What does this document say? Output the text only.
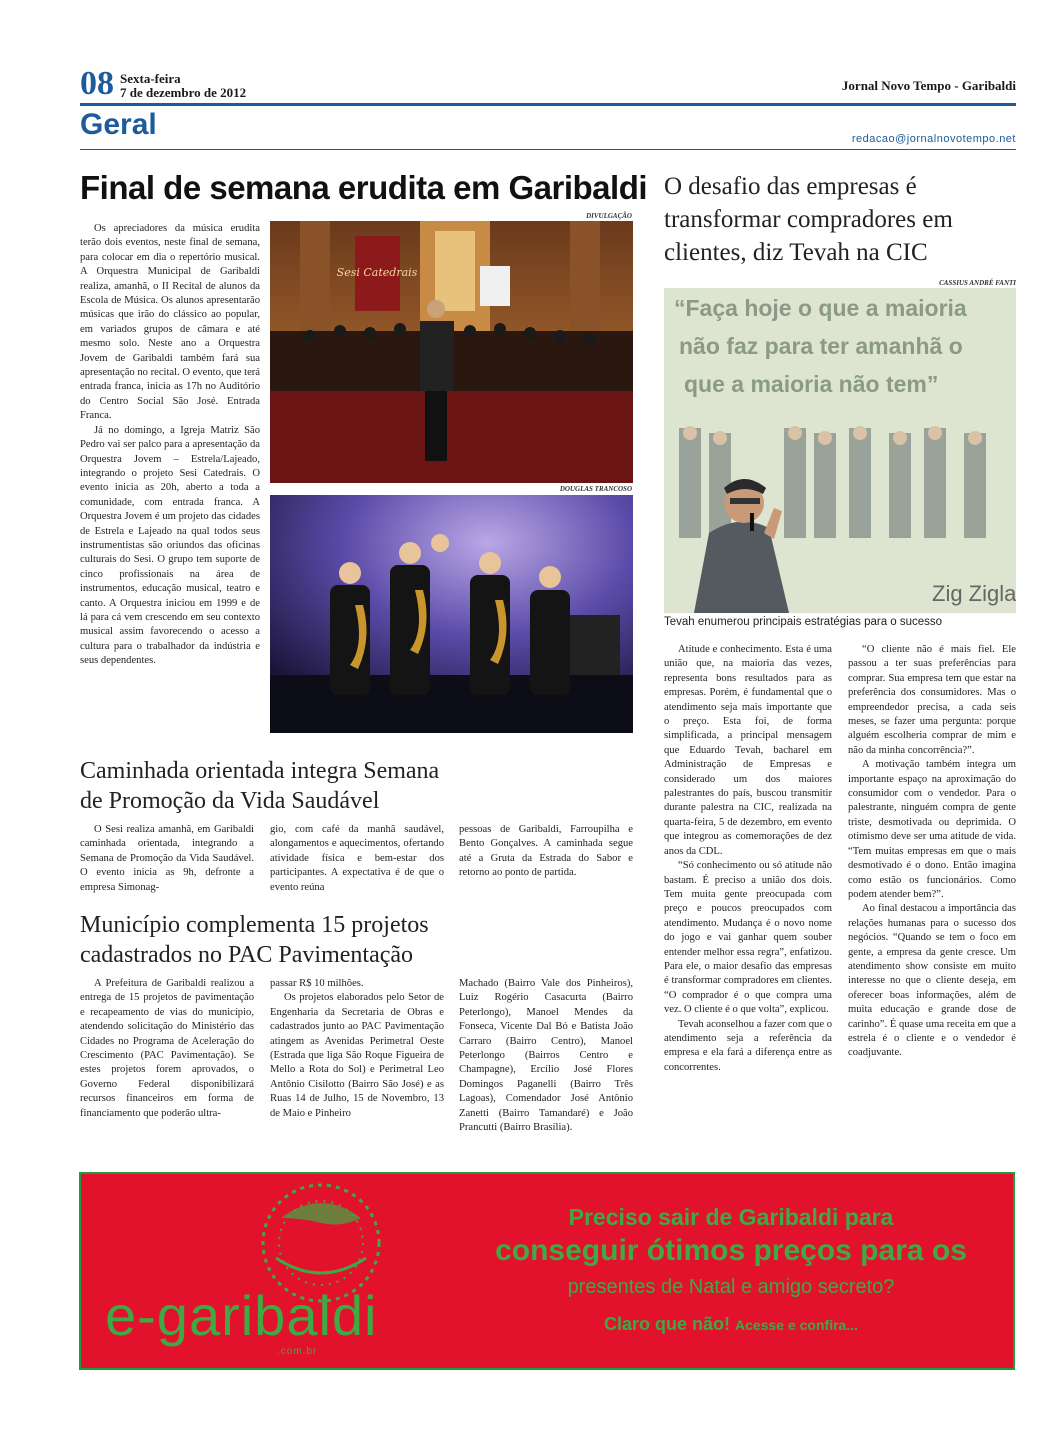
08 Sexta-feira
7 de dezembro de 2012	Jornal Novo Tempo - Garibaldi
Geral	redacao@jornalnovotempo.net
Final de semana erudita em Garibaldi

Os apreciadores da música erudita terão dois eventos, neste final de semana, para colocar em dia o repertório musical. A Orquestra Municipal de Garibaldi realiza, amanhã, o II Recital de alunos da Escola de Música. Os alunos apresentarão músicas que irão do clássico ao popular, em variados grupos de câmara e até mesmo solo. Neste ano a Orquestra Jovem de Garibaldi também fará sua apresentação no recital. O evento, que terá entrada franca, inicia as 17h no Auditório do Centro Social São José. Entrada Franca.

Já no domingo, a Igreja Matriz São Pedro vai ser palco para a apresentação da Orquestra Jovem – Estrela/Lajeado, integrando o projeto Sesi Catedrais. O evento inicia as 20h, aberto a toda a comunidade, com entrada franca. A Orquestra Jovem é um projeto das cidades de Estrela e Lajeado na qual todos seus instrumentistas são oriundos das oficinas culturais do Sesi. O grupo tem suporte de cinco profissionais na área de instrumentos, educação musical, teatro e canto. A Orquestra iniciou em 1999 e de lá para cá vem crescendo em seu contexto musical assim favorecendo o acesso a cultura para o trabalhador da indústria e seus dependentes.

DIVULGAÇÃO
Sesi Catedrais
DOUGLAS TRANCOSO
Caminhada orientada integra Semana
de Promoção da Vida Saudável

O Sesi realiza amanhã, em Garibaldi caminhada orientada, integrando a Semana de Promoção da Vida Saudável. O evento inicia as 9h, defronte a empresa Simonag-

gio, com café da manhã saudável, alongamentos e aquecimentos, ofertando atividade física e bem-estar dos participantes. A expectativa é de que o evento reúna

pessoas de Garibaldi, Farroupilha e Bento Gonçalves. A caminhada segue até a Gruta da Estrada do Sabor e retorno ao ponto de partida.

Município complementa 15 projetos
cadastrados no PAC Pavimentação

A Prefeitura de Garibaldi realizou a entrega de 15 projetos de pavimentação e recapeamento de vias do município, atendendo solicitação do Ministério das Cidades no Programa de Aceleração do Crescimento (PAC Pavimentação). Se estes projetos forem aprovados, o Governo Federal disponibilizará recursos financeiros em forma de financiamento que poderão ultra-

passar R$ 10 milhões.

Os projetos elaborados pelo Setor de Engenharia da Secretaria de Obras e cadastrados junto ao PAC Pavimentação atingem as Avenidas Perimetral Oeste (Estrada que liga São Roque Figueira de Mello a Rota do Sol) e Perimetral Leo Antônio Cisilotto (Bairro São José) e as Ruas 14 de Julho, 15 de Novembro, 13 de Maio e Pinheiro

Machado (Bairro Vale dos Pinheiros), Luiz Rogério Casacurta (Bairro Peterlongo), Manoel Mendes da Fonseca, Vicente Dal Bó e Batista João Carraro (Bairro Centro), Manoel Peterlongo (Bairros Centro e Champagne), Ercílio José Flores Domingos Paganelli (Bairro Três Lagoas), Comendador José Antônio Zanetti (Bairro Tamandaré) e João Prancutti (Bairro Brasília).

O desafio das empresas é
transformar compradores em
clientes, diz Tevah na CIC
CASSIUS ANDRÉ FANTI
“Faça hoje o que a maioria
não faz para ter amanhã o
que a maioria não tem”
Zig Zigla
Tevah enumerou principais estratégias para o sucesso

Atitude e conhecimento. Esta é uma união que, na maioria das vezes, representa bons resultados para as empresas. Porém, é fundamental que o atendimento seja mais importante que o preço. Esta foi, de forma simplificada, a principal mensagem que Eduardo Tevah, bacharel em Administração de Empresas e considerado um dos maiores palestrantes do país, buscou transmitir durante palestra na CIC, realizada na quarta-feira, 5 de dezembro, em evento que integrou as comemorações de dez anos da CDL.

“Só conhecimento ou só atitude não bastam. É preciso a união dos dois. Tem muita gente preocupada com preço e poucos preocupados com atendimento. Mudança é o novo nome do jogo e vai ganhar quem souber entender melhor essa regra”, enfatizou. Para ele, o maior desafio das empresas é transformar compradores em clientes. “O comprador é o que compra uma vez. O cliente é o que volta”, explicou.

Tevah aconselhou a fazer com que o atendimento seja a referência da empresa e ela fará a diferença entre as concorrentes.

“O cliente não é mais fiel. Ele passou a ter suas preferências para comprar. Sua empresa tem que estar na preferência dos consumidores. Mas o empreendedor precisa, a cada seis meses, se fazer uma pergunta: porque alguém escolheria comprar de mim e não da minha concorrência?”.

A motivação também integra um importante espaço na aproximação do consumidor com o vendedor. Para o palestrante, ninguém compra de gente triste, desmotivada ou deprimida. O otimismo deve ser uma atitude de vida. “Tem muitas empresas em que o mais desmotivado é o dono. Então imagina como estão os funcionários. Como podem atender bem?”.

Ao final destacou a importância das relações humanas para o sucesso dos negócios. “Quando se tem o foco em gente, a empresa da gente cresce. Um atendimento show consiste em muito interesse no que o cliente deseja, em oferecer boas informações, além de muita educação e grande dose de carinho”. É quase uma receita em que a estrela é o cliente e o vendedor é coadjuvante.

e-garibaldi
.com.br
Preciso sair de Garibaldi para
conseguir ótimos preços para os
presentes de Natal e amigo secreto?
Claro que não! Acesse e confira...
